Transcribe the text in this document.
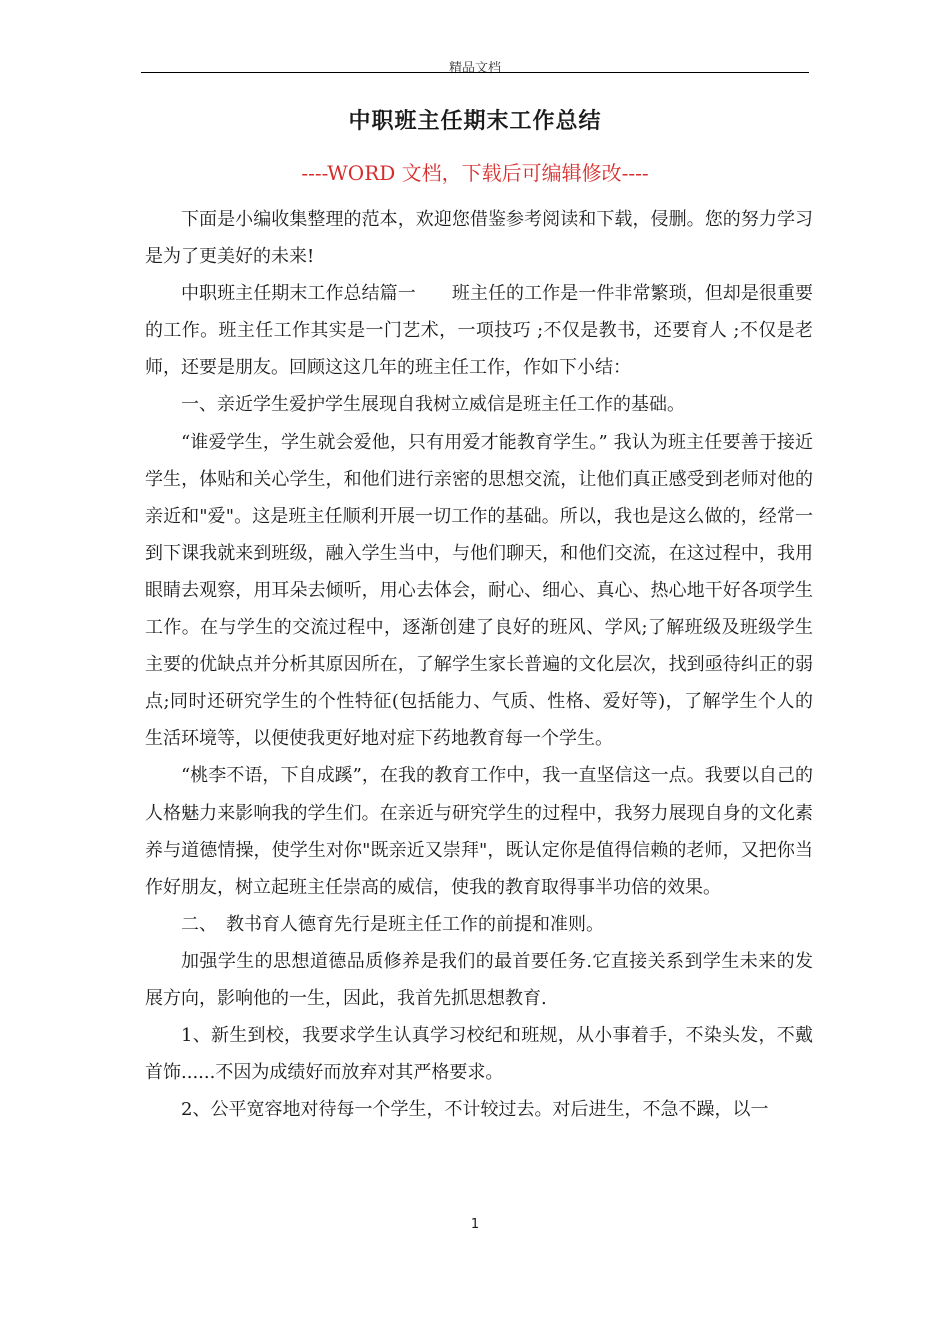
精品文档
中职班主任期末工作总结
----WORD 文档，下载后可编辑修改----

下面是小编收集整理的范本，欢迎您借鉴参考阅读和下载，侵删。您的努力学习是为了更美好的未来!

中职班主任期末工作总结篇一　　班主任的工作是一件非常繁琐，但却是很重要的工作。班主任工作其实是一门艺术，一项技巧 ;不仅是教书，还要育人 ;不仅是老师，还要是朋友。回顾这这几年的班主任工作，作如下小结：

一、亲近学生爱护学生展现自我树立威信是班主任工作的基础。

“谁爱学生，学生就会爱他，只有用爱才能教育学生。” 我认为班主任要善于接近学生，体贴和关心学生，和他们进行亲密的思想交流，让他们真正感受到老师对他的亲近和"爱"。这是班主任顺利开展一切工作的基础。所以，我也是这么做的，经常一到下课我就来到班级，融入学生当中，与他们聊天，和他们交流，在这过程中，我用眼睛去观察，用耳朵去倾听，用心去体会，耐心、细心、真心、热心地干好各项学生工作。在与学生的交流过程中，逐渐创建了良好的班风、学风;了解班级及班级学生主要的优缺点并分析其原因所在，了解学生家长普遍的文化层次，找到亟待纠正的弱点;同时还研究学生的个性特征(包括能力、气质、性格、爱好等)，了解学生个人的生活环境等，以便使我更好地对症下药地教育每一个学生。

“桃李不语，下自成蹊”，在我的教育工作中，我一直坚信这一点。我要以自己的人格魅力来影响我的学生们。在亲近与研究学生的过程中，我努力展现自身的文化素养与道德情操，使学生对你"既亲近又崇拜"，既认定你是值得信赖的老师，又把你当作好朋友，树立起班主任崇高的威信，使我的教育取得事半功倍的效果。

二、　教书育人德育先行是班主任工作的前提和准则。

加强学生的思想道德品质修养是我们的最首要任务.它直接关系到学生未来的发展方向，影响他的一生，因此，我首先抓思想教育.

1、新生到校，我要求学生认真学习校纪和班规，从小事着手，不染头发，不戴首饰......不因为成绩好而放弃对其严格要求。

2、公平宽容地对待每一个学生，不计较过去。对后进生，不急不躁，以一

1
